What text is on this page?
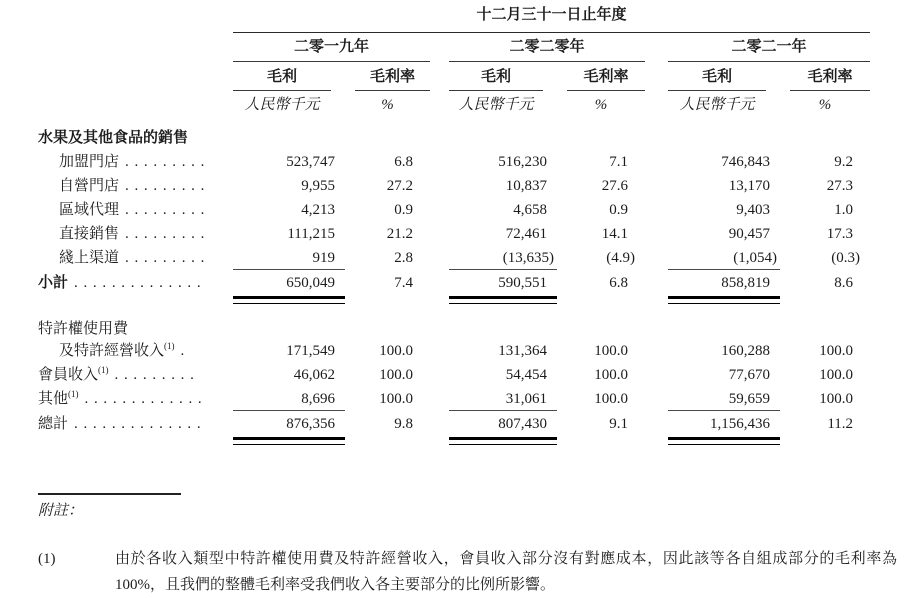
	十二月三十一日止年度							

	二零一九年			二零二零年			二零二一年	

	毛利	毛利率		毛利	毛利率		毛利	毛利率

	人民幣千元	%		人民幣千元	%		人民幣千元	%

水果及其他食品的銷售								
加盟門店 .........	523,747	6.8		516,230	7.1		746,843	9.2
自營門店 .........	9,955	27.2		10,837	27.6		13,170	27.3
區域代理 .........	4,213	0.9		4,658	0.9		9,403	1.0
直接銷售 .........	111,215	21.2		72,461	14.1		90,457	17.3
綫上渠道 .........	919	2.8		(13,635)	(4.9)		(1,054)	(0.3)
小計 ..............	650,049	7.4		590,551	6.8		858,819	8.6

特許權使用費
及特許經營收入$^{(1)}$ .	171,549	100.0		131,364	100.0		160,288	100.0
會員收入$^{(1)}$ .........	46,062	100.0		54,454	100.0		77,670	100.0
其他$^{(1)}$ .............	8,696	100.0		31,061	100.0		59,659	100.0
總計 ..............	876,356	9.8		807,430	9.1		1,156,436	11.2

附註：
(1)	由於各收入類型中特許權使用費及特許經營收入，會員收入部分沒有對應成本，因此該等各自組成部分的毛利率為100%，且我們的整體毛利率受我們收入各主要部分的比例所影響。
